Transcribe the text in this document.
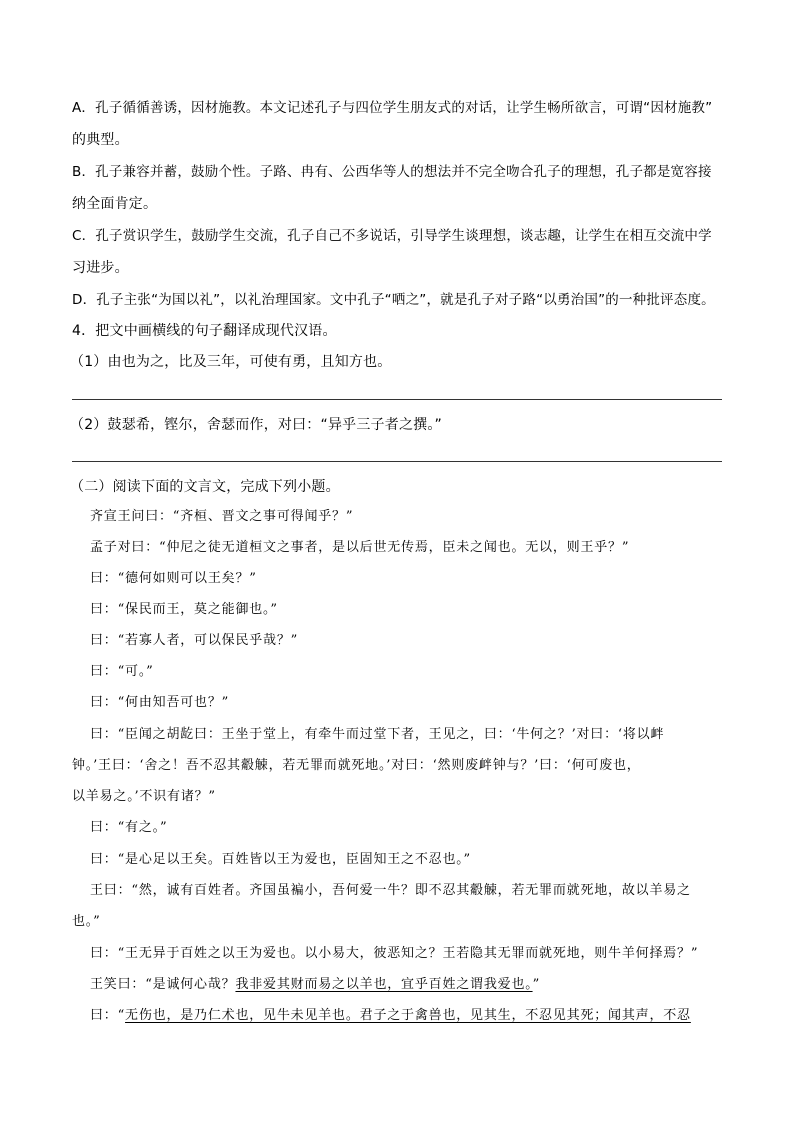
A．孔子循循善诱，因材施教。本文记述孔子与四位学生朋友式的对话，让学生畅所欲言，可谓“因材施教”
的典型。
B．孔子兼容并蓄，鼓励个性。子路、冉有、公西华等人的想法并不完全吻合孔子的理想，孔子都是宽容接
纳全面肯定。
C．孔子赏识学生，鼓励学生交流，孔子自己不多说话，引导学生谈理想，谈志趣，让学生在相互交流中学
习进步。
D．孔子主张“为国以礼”，以礼治理国家。文中孔子“哂之”，就是孔子对子路“以勇治国”的一种批评态度。
4．把文中画横线的句子翻译成现代汉语。
（1）由也为之，比及三年，可使有勇，且知方也。
（2）鼓瑟希，铿尔，舍瑟而作，对曰：“异乎三子者之撰。”
（二）阅读下面的文言文，完成下列小题。
齐宣王问曰：“齐桓、晋文之事可得闻乎？”
孟子对曰：“仲尼之徒无道桓文之事者，是以后世无传焉，臣未之闻也。无以，则王乎？”
曰：“德何如则可以王矣？”
曰：“保民而王，莫之能御也。”
曰：“若寡人者，可以保民乎哉？”
曰：“可。”
曰：“何由知吾可也？”
曰：“臣闻之胡龁曰：王坐于堂上，有牵牛而过堂下者，王见之，曰：‘牛何之？’对曰：‘将以衅
钟。’王曰：‘舍之！吾不忍其觳觫，若无罪而就死地。’对曰：‘然则废衅钟与？’曰：‘何可废也，
以羊易之。’不识有诸？”
曰：“有之。”
曰：“是心足以王矣。百姓皆以王为爱也，臣固知王之不忍也。”
王曰：“然，诚有百姓者。齐国虽褊小，吾何爱一牛？即不忍其觳觫，若无罪而就死地，故以羊易之
也。”
曰：“王无异于百姓之以王为爱也。以小易大，彼恶知之？王若隐其无罪而就死地，则牛羊何择焉？”
王笑曰：“是诚何心哉？我非爱其财而易之以羊也，宜乎百姓之谓我爱也。”
曰：“无伤也，是乃仁术也，见牛未见羊也。君子之于禽兽也，见其生，不忍见其死；闻其声，不忍
